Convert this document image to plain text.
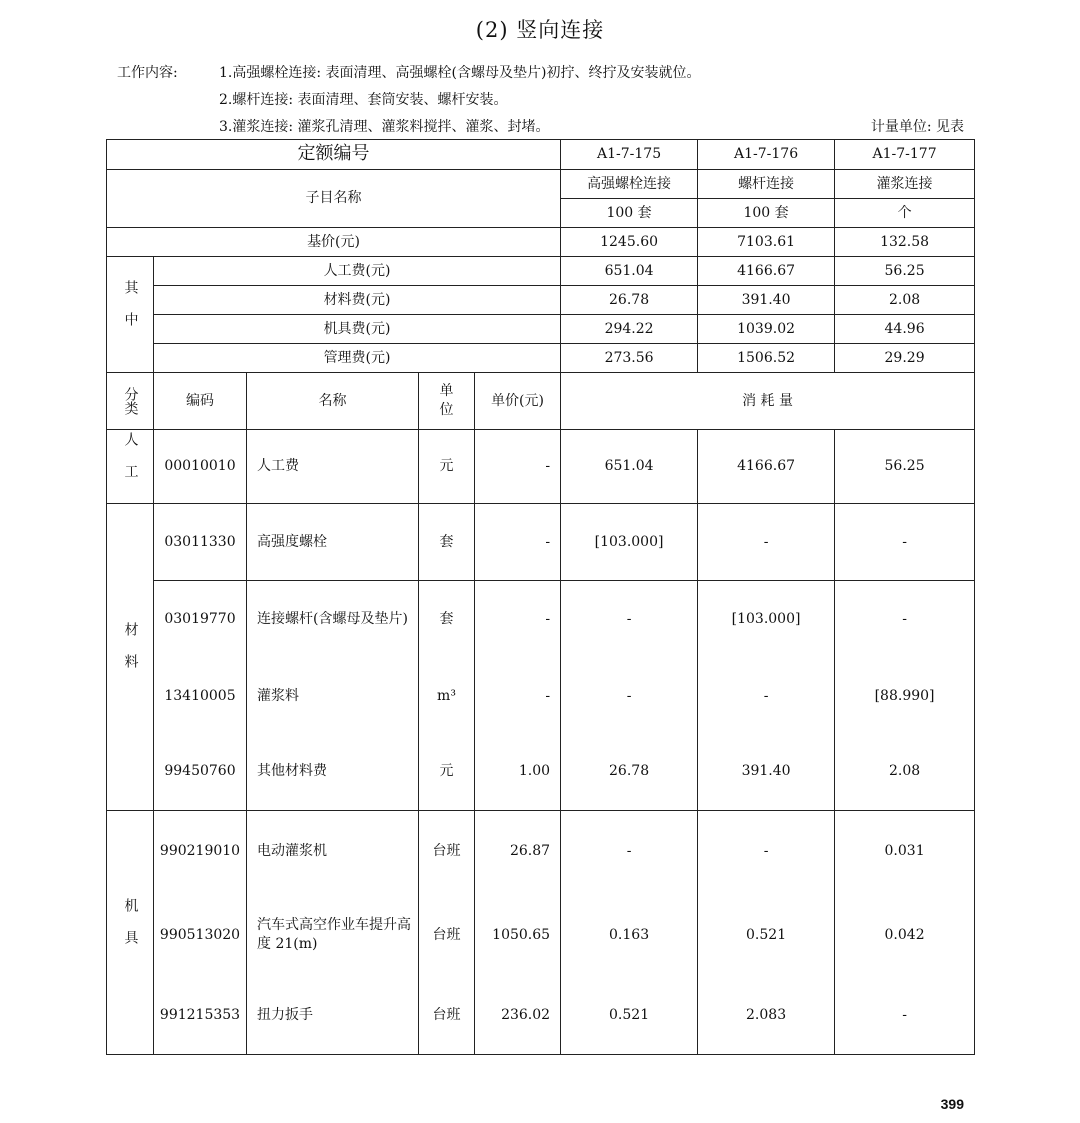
(2) 竖向连接
工作内容:	1.高强螺栓连接: 表面清理、高强螺栓(含螺母及垫片)初拧、终拧及安装就位。
2.螺杆连接: 表面清理、套筒安装、螺杆安装。
3.灌浆连接: 灌浆孔清理、灌浆料搅拌、灌浆、封堵。	计量单位: 见表
定额编号					A1-7-175	A1-7-176	A1-7-177
子目名称					高强螺栓连接	螺杆连接	灌浆连接
					100 套	100 套	个
基价(元)					1245.60	7103.61	132.58
其中	人工费(元)				651.04	4166.67	56.25
	材料费(元)				26.78	391.40	2.08
	机具费(元)				294.22	1039.02	44.96
	管理费(元)				273.56	1506.52	29.29
分类	编码	名称	单位	单价(元)	消 耗 量		
人工	00010010	人工费	元	-	651.04	4166.67	56.25
材料	03011330	高强度螺栓	套	-	[103.000]	-	-
	03019770	连接螺杆(含螺母及垫片)	套	-	-	[103.000]	-
	13410005	灌浆料	m³	-	-	-	[88.990]
	99450760	其他材料费	元	1.00	26.78	391.40	2.08
机具	990219010	电动灌浆机	台班	26.87	-	-	0.031
	990513020	汽车式高空作业车提升高度 21(m)	台班	1050.65	0.163	0.521	0.042
	991215353	扭力扳手	台班	236.02	0.521	2.083	-
399
